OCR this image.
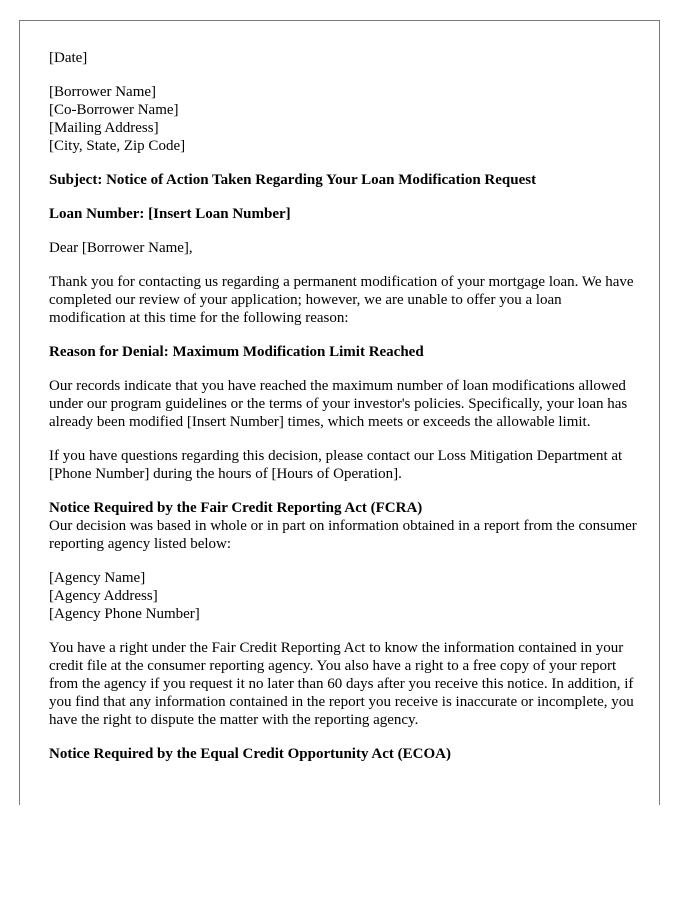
[Date]

[Borrower Name]
[Co-Borrower Name]
[Mailing Address]
[City, State, Zip Code]

Subject: Notice of Action Taken Regarding Your Loan Modification Request

Loan Number: [Insert Loan Number]

Dear [Borrower Name],

Thank you for contacting us regarding a permanent modification of your mortgage loan. We have completed our review of your application; however, we are unable to offer you a loan modification at this time for the following reason:

Reason for Denial: Maximum Modification Limit Reached

Our records indicate that you have reached the maximum number of loan modifications allowed under our program guidelines or the terms of your investor's policies. Specifically, your loan has already been modified [Insert Number] times, which meets or exceeds the allowable limit.

If you have questions regarding this decision, please contact our Loss Mitigation Department at [Phone Number] during the hours of [Hours of Operation].

Notice Required by the Fair Credit Reporting Act (FCRA)

Our decision was based in whole or in part on information obtained in a report from the consumer reporting agency listed below:

[Agency Name]
[Agency Address]
[Agency Phone Number]

You have a right under the Fair Credit Reporting Act to know the information contained in your credit file at the consumer reporting agency. You also have a right to a free copy of your report from the agency if you request it no later than 60 days after you receive this notice. In addition, if you find that any information contained in the report you receive is inaccurate or incomplete, you have the right to dispute the matter with the reporting agency.

Notice Required by the Equal Credit Opportunity Act (ECOA)
